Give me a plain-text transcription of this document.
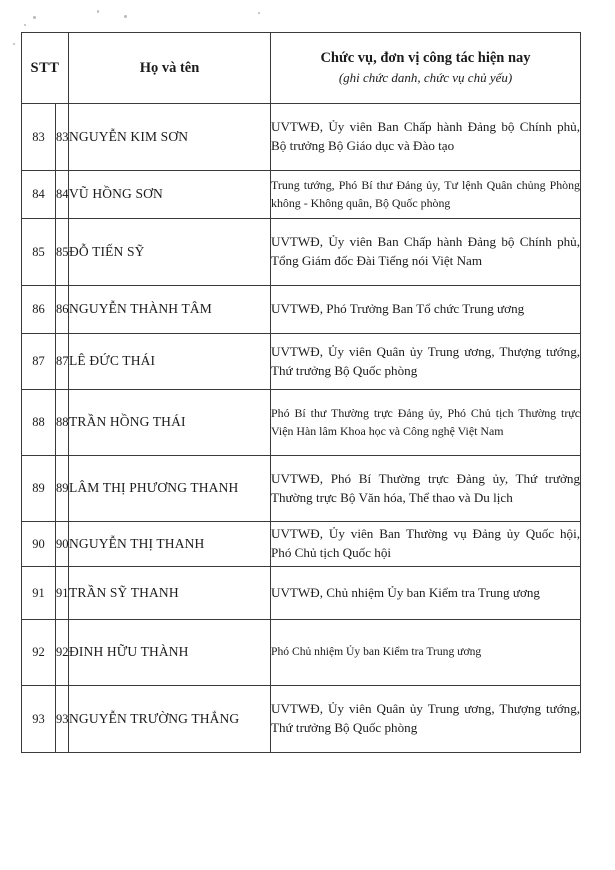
STT		Họ và tên	Chức vụ, đơn vị công tác hiện nay
(ghi chức danh, chức vụ chủ yếu)

83	83	NGUYỄN KIM SƠN	UVTWĐ, Ủy viên Ban Chấp hành Đảng bộ Chính phủ, Bộ trưởng Bộ Giáo dục và Đào tạo
84	84	VŨ HỒNG SƠN	Trung tướng, Phó Bí thư Đảng ủy, Tư lệnh Quân chủng Phòng không - Không quân, Bộ Quốc phòng
85	85	ĐỖ TIẾN SỸ	UVTWĐ, Ủy viên Ban Chấp hành Đảng bộ Chính phủ, Tổng Giám đốc Đài Tiếng nói Việt Nam
86	86	NGUYỄN THÀNH TÂM	UVTWĐ, Phó Trưởng Ban Tổ chức Trung ương
87	87	LÊ ĐỨC THÁI	UVTWĐ, Ủy viên Quân ủy Trung ương, Thượng tướng, Thứ trưởng Bộ Quốc phòng
88	88	TRẦN HỒNG THÁI	Phó Bí thư Thường trực Đảng ủy, Phó Chủ tịch Thường trực Viện Hàn lâm Khoa học và Công nghệ Việt Nam
89	89	LÂM THỊ PHƯƠNG THANH	UVTWĐ, Phó Bí Thường trực Đảng ủy, Thứ trưởng Thường trực Bộ Văn hóa, Thể thao và Du lịch
90	90	NGUYỄN THỊ THANH	UVTWĐ, Ủy viên Ban Thường vụ Đảng ủy Quốc hội, Phó Chủ tịch Quốc hội
91	91	TRẦN SỸ THANH	UVTWĐ, Chủ nhiệm Ủy ban Kiểm tra Trung ương
92	92	ĐINH HỮU THÀNH	Phó Chủ nhiệm Ủy ban Kiểm tra Trung ương
93	93	NGUYỄN TRƯỜNG THẮNG	UVTWĐ, Ủy viên Quân ủy Trung ương, Thượng tướng, Thứ trưởng Bộ Quốc phòng
